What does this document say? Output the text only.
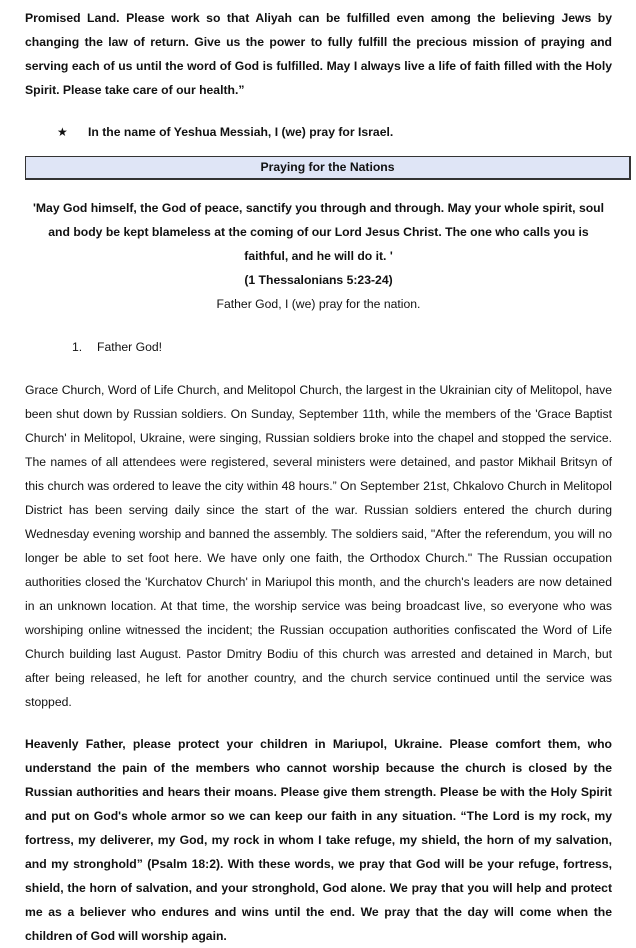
Promised Land. Please work so that Aliyah can be fulfilled even among the believing Jews by changing the law of return. Give us the power to fully fulfill the precious mission of praying and serving each of us until the word of God is fulfilled. May I always live a life of faith filled with the Holy Spirit. Please take care of our health.”

★	In the name of Yeshua Messiah, I (we) pray for Israel.
Praying for the Nations
'May God himself, the God of peace, sanctify you through and through. May your whole spirit, soul and body be kept blameless at the coming of our Lord Jesus Christ. The one who calls you is faithful, and he will do it. '
(1 Thessalonians 5:23-24)
Father God, I (we) pray for the nation.
1.	Father God!

Grace Church, Word of Life Church, and Melitopol Church, the largest in the Ukrainian city of Melitopol, have been shut down by Russian soldiers. On Sunday, September 11th, while the members of the 'Grace Baptist Church' in Melitopol, Ukraine, were singing, Russian soldiers broke into the chapel and stopped the service. The names of all attendees were registered, several ministers were detained, and pastor Mikhail Britsyn of this church was ordered to leave the city within 48 hours.” On September 21st, Chkalovo Church in Melitopol District has been serving daily since the start of the war. Russian soldiers entered the church during Wednesday evening worship and banned the assembly. The soldiers said, "After the referendum, you will no longer be able to set foot here. We have only one faith, the Orthodox Church." The Russian occupation authorities closed the 'Kurchatov Church' in Mariupol this month, and the church's leaders are now detained in an unknown location. At that time, the worship service was being broadcast live, so everyone who was worshiping online witnessed the incident; the Russian occupation authorities confiscated the Word of Life Church building last August. Pastor Dmitry Bodiu of this church was arrested and detained in March, but after being released, he left for another country, and the church service continued until the service was stopped.

Heavenly Father, please protect your children in Mariupol, Ukraine. Please comfort them, who understand the pain of the members who cannot worship because the church is closed by the Russian authorities and hears their moans. Please give them strength. Please be with the Holy Spirit and put on God's whole armor so we can keep our faith in any situation. “The Lord is my rock, my fortress, my deliverer, my God, my rock in whom I take refuge, my shield, the horn of my salvation, and my stronghold” (Psalm 18:2). With these words, we pray that God will be your refuge, fortress, shield, the horn of salvation, and your stronghold, God alone. We pray that you will help and protect me as a believer who endures and wins until the end. We pray that the day will come when the children of God will worship again.
